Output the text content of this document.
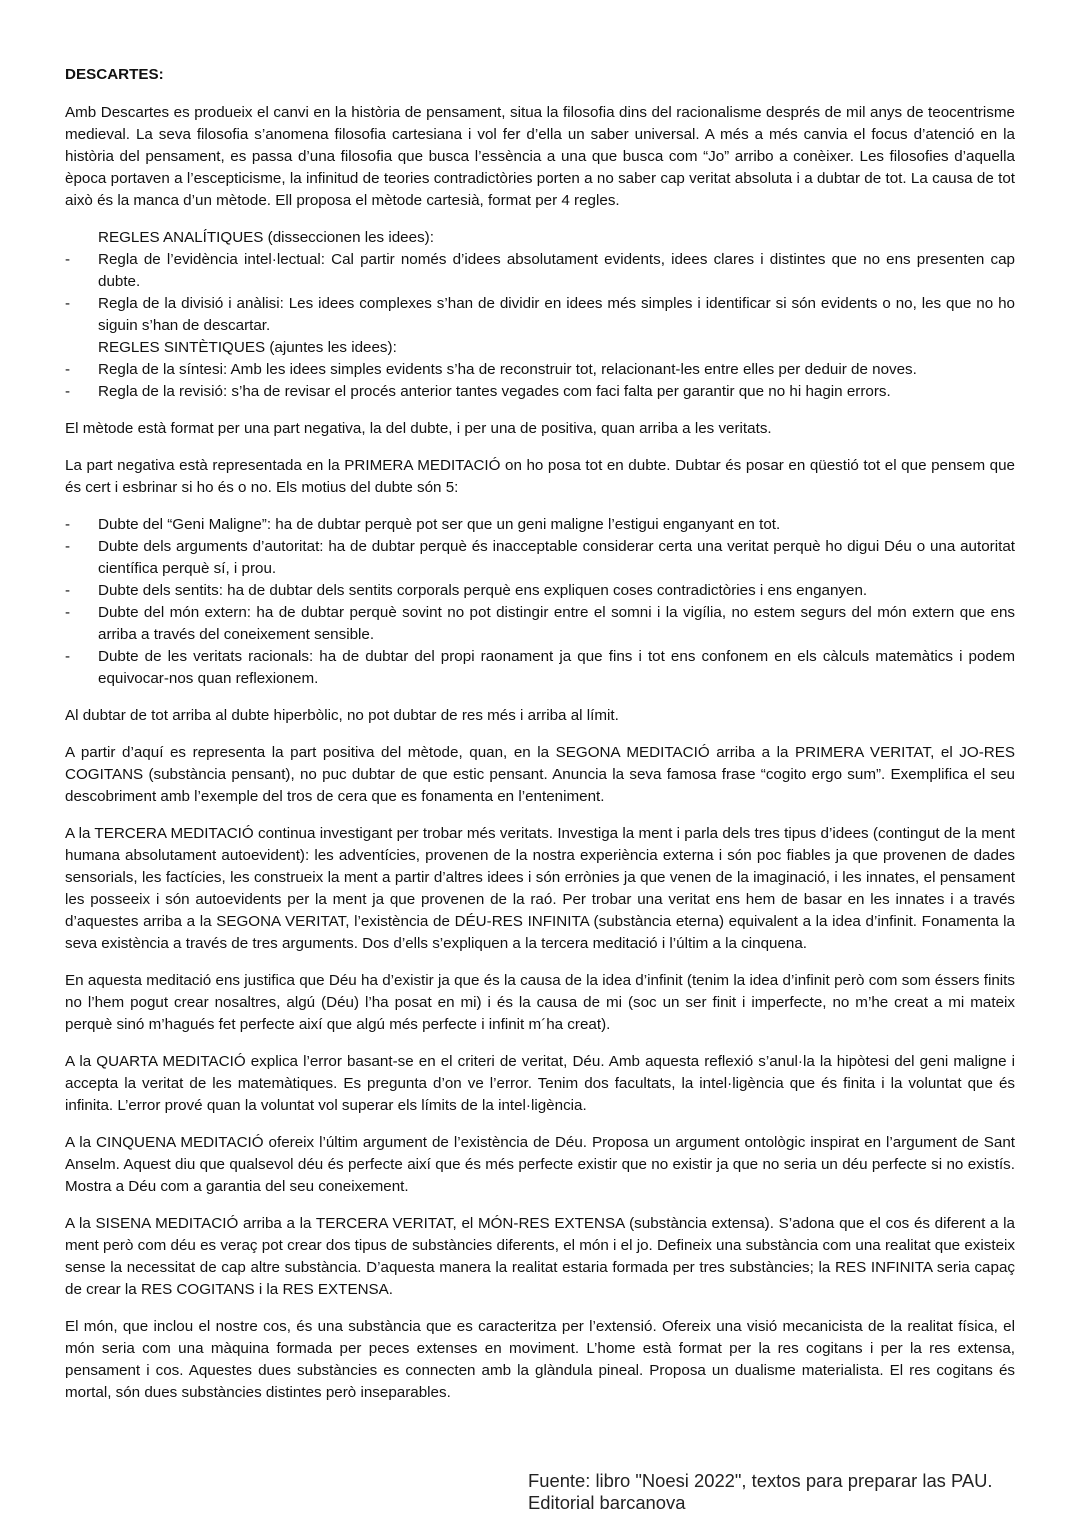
DESCARTES:

Amb Descartes es produeix el canvi en la història de pensament, situa la filosofia dins del racionalisme després de mil anys de teocentrisme medieval. La seva filosofia s’anomena filosofia cartesiana i vol fer d’ella un saber universal. A més a més canvia el focus d’atenció en la història del pensament, es passa d’una filosofia que busca l’essència a una que busca com “Jo” arribo a conèixer. Les filosofies d’aquella època portaven a l’escepticisme, la infinitud de teories contradictòries porten a no saber cap veritat absoluta i a dubtar de tot. La causa de tot això és la manca d’un mètode. Ell proposa el mètode cartesià, format per 4 regles.

REGLES ANALÍTIQUES (disseccionen les idees):
- Regla de l’evidència intel·lectual: Cal partir només d’idees absolutament evidents, idees clares i distintes que no ens presenten cap dubte.
- Regla de la divisió i anàlisi: Les idees complexes s’han de dividir en idees més simples i identificar si són evidents o no, les que no ho siguin s’han de descartar.
REGLES SINTÈTIQUES (ajuntes les idees):
- Regla de la síntesi: Amb les idees simples evidents s’ha de reconstruir tot, relacionant-les entre elles per deduir de noves.
- Regla de la revisió: s’ha de revisar el procés anterior tantes vegades com faci falta per garantir que no hi hagin errors.

El mètode està format per una part negativa, la del dubte, i per una de positiva, quan arriba a les veritats.

La part negativa està representada en la PRIMERA MEDITACIÓ on ho posa tot en dubte. Dubtar és posar en qüestió tot el que pensem que és cert i esbrinar si ho és o no. Els motius del dubte són 5:

- Dubte del “Geni Maligne”: ha de dubtar perquè pot ser que un geni maligne l’estigui enganyant en tot.
- Dubte dels arguments d’autoritat: ha de dubtar perquè és inacceptable considerar certa una veritat perquè ho digui Déu o una autoritat científica perquè sí, i prou.
- Dubte dels sentits: ha de dubtar dels sentits corporals perquè ens expliquen coses contradictòries i ens enganyen.
- Dubte del món extern: ha de dubtar perquè sovint no pot distingir entre el somni i la vigília, no estem segurs del món extern que ens arriba a través del coneixement sensible.
- Dubte de les veritats racionals: ha de dubtar del propi raonament ja que fins i tot ens confonem en els càlculs matemàtics i podem equivocar-nos quan reflexionem.

Al dubtar de tot arriba al dubte hiperbòlic, no pot dubtar de res més i arriba al límit.

A partir d’aquí es representa la part positiva del mètode, quan, en la SEGONA MEDITACIÓ arriba a la PRIMERA VERITAT, el JO-RES COGITANS (substància pensant), no puc dubtar de que estic pensant. Anuncia la seva famosa frase “cogito ergo sum”. Exemplifica el seu descobriment amb l’exemple del tros de cera que es fonamenta en l’enteniment.

A la TERCERA MEDITACIÓ continua investigant per trobar més veritats. Investiga la ment i parla dels tres tipus d’idees (contingut de la ment humana absolutament autoevident): les adventícies, provenen de la nostra experiència externa i són poc fiables ja que provenen de dades sensorials, les factícies, les construeix la ment a partir d’altres idees i són errònies ja que venen de la imaginació, i les innates, el pensament les posseeix i són autoevidents per la ment ja que provenen de la raó. Per trobar una veritat ens hem de basar en les innates i a través d’aquestes arriba a la SEGONA VERITAT, l’existència de DÉU-RES INFINITA (substància eterna) equivalent a la idea d’infinit. Fonamenta la seva existència a través de tres arguments. Dos d’ells s’expliquen a la tercera meditació i l’últim a la cinquena.

En aquesta meditació ens justifica que Déu ha d’existir ja que és la causa de la idea d’infinit (tenim la idea d’infinit però com som éssers finits no l’hem pogut crear nosaltres, algú (Déu) l’ha posat en mi) i és la causa de mi (soc un ser finit i imperfecte, no m’he creat a mi mateix perquè sinó m’hagués fet perfecte així que algú més perfecte i infinit m´ha creat).

A la QUARTA MEDITACIÓ explica l’error basant-se en el criteri de veritat, Déu. Amb aquesta reflexió s’anul·la la hipòtesi del geni maligne i accepta la veritat de les matemàtiques. Es pregunta d’on ve l’error. Tenim dos facultats, la intel·ligència que és finita i la voluntat que és infinita. L’error prové quan la voluntat vol superar els límits de la intel·ligència.

A la CINQUENA MEDITACIÓ ofereix l’últim argument de l’existència de Déu. Proposa un argument ontològic inspirat en l’argument de Sant Anselm. Aquest diu que qualsevol déu és perfecte així que és més perfecte existir que no existir ja que no seria un déu perfecte si no existís. Mostra a Déu com a garantia del seu coneixement.

A la SISENA MEDITACIÓ arriba a la TERCERA VERITAT, el MÓN-RES EXTENSA (substància extensa). S’adona que el cos és diferent a la ment però com déu es veraç pot crear dos tipus de substàncies diferents, el món i el jo. Defineix una substància com una realitat que existeix sense la necessitat de cap altre substància. D’aquesta manera la realitat estaria formada per tres substàncies; la RES INFINITA seria capaç de crear la RES COGITANS i la RES EXTENSA.

El món, que inclou el nostre cos, és una substància que es caracteritza per l’extensió. Ofereix una visió mecanicista de la realitat física, el món seria com una màquina formada per peces extenses en moviment. L’home està format per la res cogitans i per la res extensa, pensament i cos. Aquestes dues substàncies es connecten amb la glàndula pineal. Proposa un dualisme materialista. El res cogitans és mortal, són dues substàncies distintes però inseparables.

Fuente: libro "Noesi 2022", textos para preparar las PAU.
Editorial barcanova
